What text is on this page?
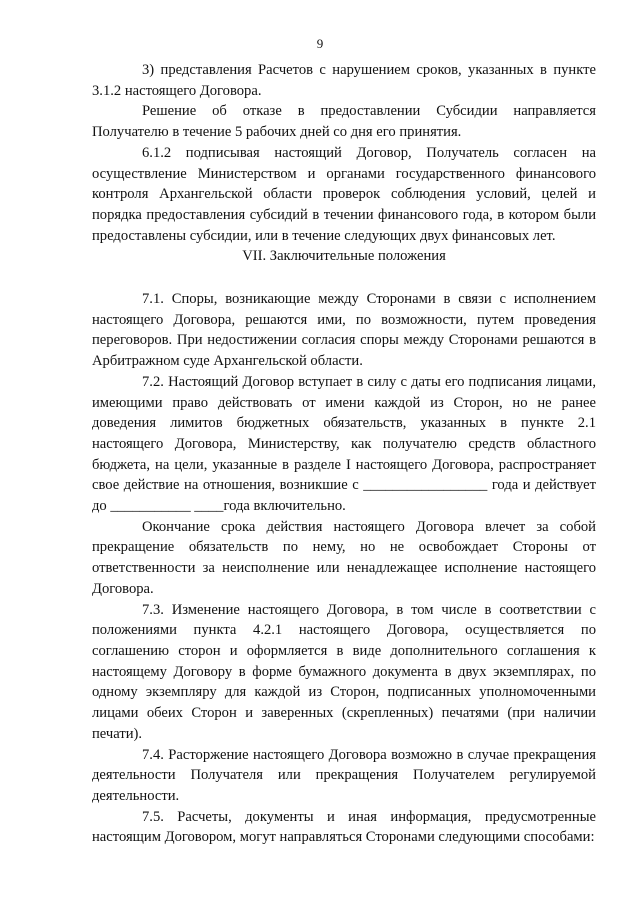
9

3) представления Расчетов с нарушением сроков, указанных в пункте 3.1.2 настоящего Договора.

Решение об отказе в предоставлении Субсидии направляется Получателю в течение 5 рабочих дней со дня его принятия.

6.1.2 подписывая настоящий Договор, Получатель согласен на осуществление Министерством и органами государственного финансового контроля Архангельской области проверок соблюдения условий, целей и порядка предоставления субсидий в течении финансового года, в котором были предоставлены субсидии, или в течение следующих двух финансовых лет.

VII. Заключительные положения

7.1. Споры, возникающие между Сторонами в связи с исполнением настоящего Договора, решаются ими, по возможности, путем проведения переговоров. При недостижении согласия споры между Сторонами решаются в Арбитражном суде Архангельской области.

7.2. Настоящий Договор вступает в силу с даты его подписания лицами, имеющими право действовать от имени каждой из Сторон, но не ранее доведения лимитов бюджетных обязательств, указанных в пункте 2.1 настоящего Договора, Министерству, как получателю средств областного бюджета, на цели, указанные в разделе I настоящего Договора, распространяет свое действие на отношения, возникшие с _________________ года и действует до ___________ ____года включительно.

Окончание срока действия настоящего Договора влечет за собой прекращение обязательств по нему, но не освобождает Стороны от ответственности за неисполнение или ненадлежащее исполнение настоящего Договора.

7.3. Изменение настоящего Договора, в том числе в соответствии с положениями пункта 4.2.1 настоящего Договора, осуществляется по соглашению сторон и оформляется в виде дополнительного соглашения к настоящему Договору в форме бумажного документа в двух экземплярах, по одному экземпляру для каждой из Сторон, подписанных уполномоченными лицами обеих Сторон и заверенных (скрепленных) печатями (при наличии печати).

7.4. Расторжение настоящего Договора возможно в случае прекращения деятельности Получателя или прекращения Получателем регулируемой деятельности.

7.5. Расчеты, документы и иная информация, предусмотренные настоящим Договором, могут направляться Сторонами следующими способами:
